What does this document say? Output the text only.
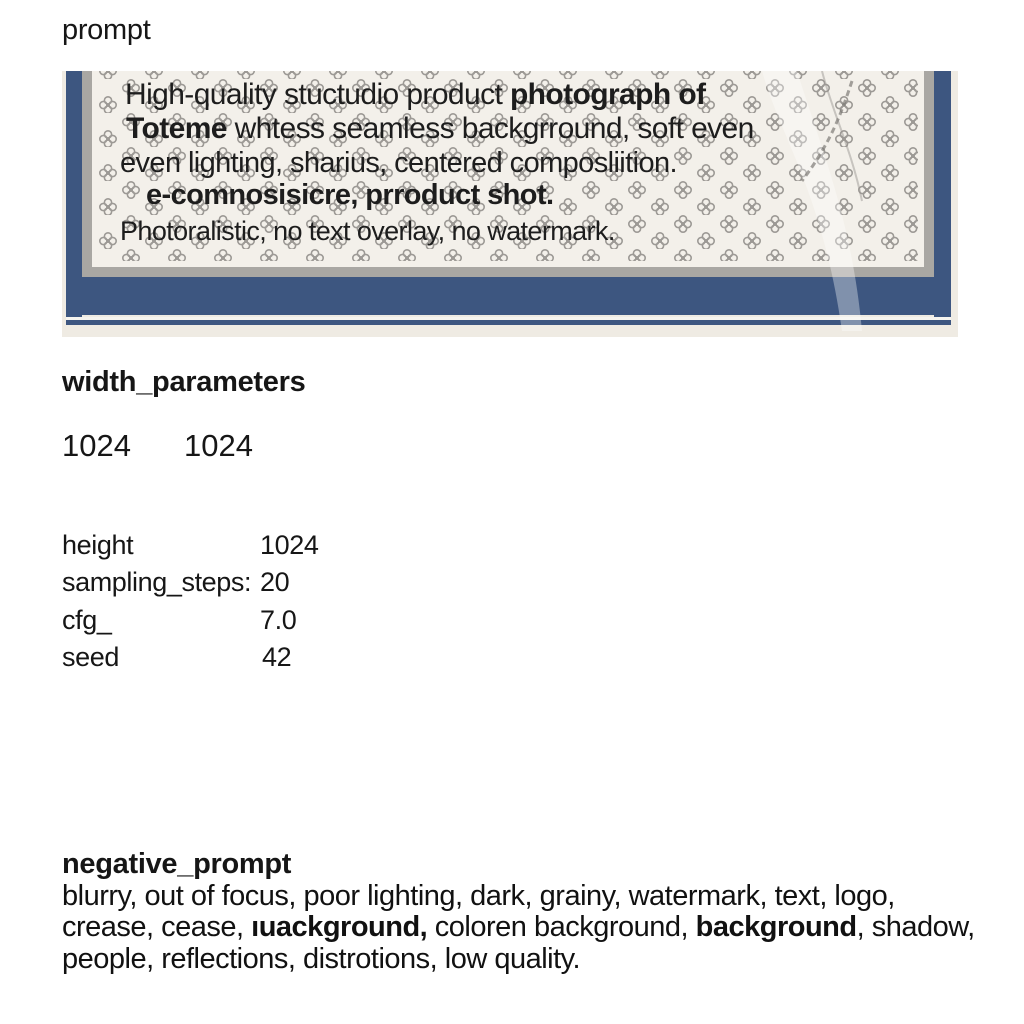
prompt
High-quality stuctudio product photograph of
Toteme whtess seamless backgrround, soft even
even lighting, sharius, centered composliition.
e-comnosisicre, prroduct shot.
Photoralistic, no text overlay, no watermark.
width_parameters
1024 1024
height	1024
sampling_steps: 20
cfg_	7.0
seed	42
negative_prompt
blurry, out of focus, poor lighting, dark, grainy, watermark, text, logo,
crease, cease, ıuackground, coloren background, background, shadow,
people, reflections, distrotions, low quality.
